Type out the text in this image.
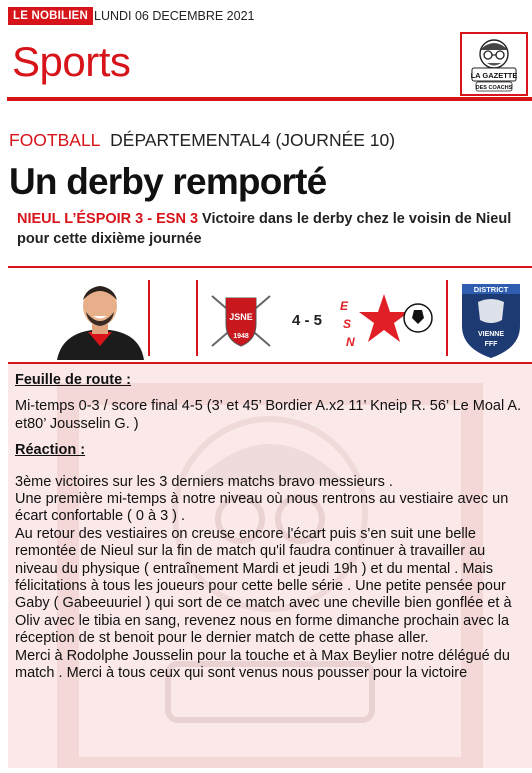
LE NOBILIEN LUNDI 06 DECEMBRE 2021
Sports	LA GAZETTE
DES COACHS
FOOTBALL DÉPARTEMENTAL4 (JOURNÉE 10)
Un derby remporté
NIEUL L’ÉSPOIR 3 - ESN 3 Victoire dans le derby chez le voisin de Nieul pour cette dixième journée
JSNE
1948
4 - 5
E
S
N
DISTRICT
VIENNE
FFF

Feuille de route :

Mi-temps 0-3 / score final 4-5 (3’ et 45’ Bordier A.x2 11’ Kneip R. 56’ Le Moal A. et80’ Jousselin G. )

Réaction :

3ème victoires sur les 3 derniers matchs bravo messieurs .

Une première mi-temps à notre niveau où nous rentrons au vestiaire avec un écart confortable ( 0 à 3 ) .

Au retour des vestiaires on creuse encore l'écart puis s'en suit une belle remontée de Nieul sur la fin de match qu'il faudra continuer à travailler au niveau du physique ( entraînement Mardi et jeudi 19h ) et du mental . Mais félicitations à tous les joueurs pour cette belle série . Une petite pensée pour Gaby ( Gabeeuuriel ) qui sort de ce match avec une cheville bien gonflée et à Oliv avec le tibia en sang, revenez nous en forme dimanche prochain avec la réception de st benoit pour le dernier match de cette phase aller.

Merci à Rodolphe Jousselin pour la touche et à Max Beylier notre délégué du match . Merci à tous ceux qui sont venus nous pousser pour la victoire
